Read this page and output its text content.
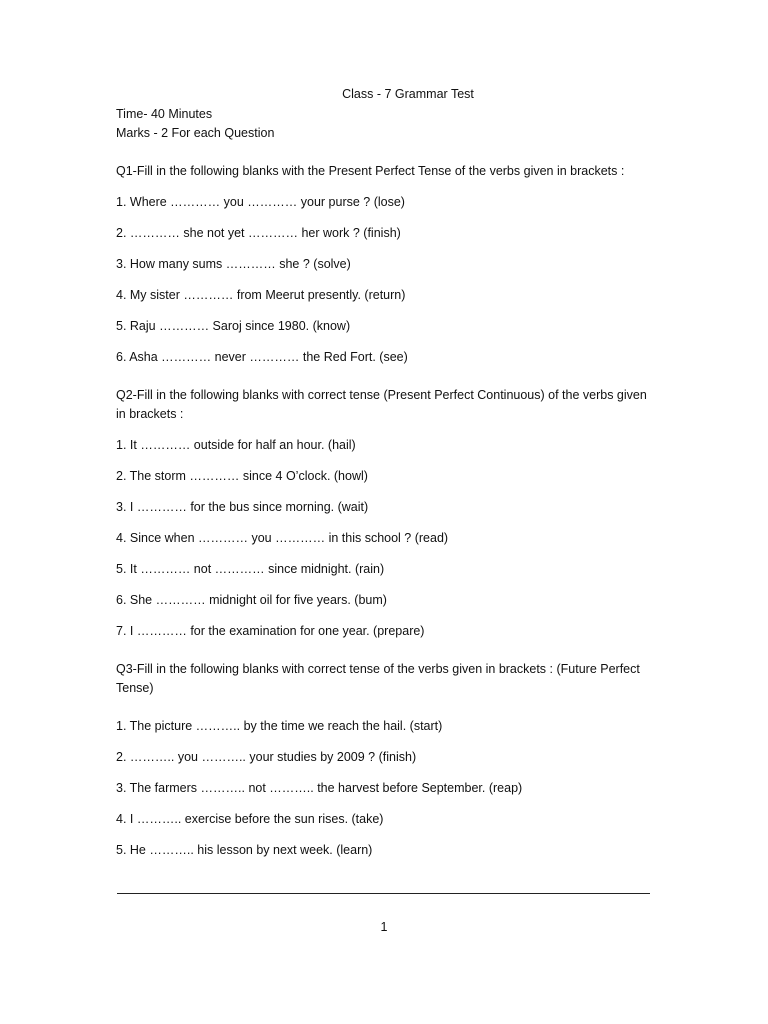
Class - 7 Grammar Test
Time- 40 Minutes
Marks - 2 For each Question
Q1-Fill in the following blanks with the Present Perfect Tense of the verbs given in brackets :
1. Where ………… you ………… your purse ? (lose)
2. ………… she not yet ………… her work ? (finish)
3. How many sums ………… she ? (solve)
4. My sister ………… from Meerut presently. (return)
5. Raju ………… Saroj since 1980. (know)
6. Asha ………… never ………… the Red Fort. (see)
Q2-Fill in the following blanks with correct tense (Present Perfect Continuous) of the verbs given in brackets :
1. It ………… outside for half an hour. (hail)
2. The storm ………… since 4 O’clock. (howl)
3. I ………… for the bus since morning. (wait)
4. Since when ………… you ………… in this school ? (read)
5. It ………… not ………… since midnight. (rain)
6. She ………… midnight oil for five years. (bum)
7. I ………… for the examination for one year. (prepare)
Q3-Fill in the following blanks with correct tense of the verbs given in brackets : (Future Perfect Tense)
1. The picture ……….. by the time we reach the hail. (start)
2. ……….. you ……….. your studies by 2009 ? (finish)
3. The farmers ……….. not ……….. the harvest before September. (reap)
4. I ……….. exercise before the sun rises. (take)
5. He ……….. his lesson by next week. (learn)
1
